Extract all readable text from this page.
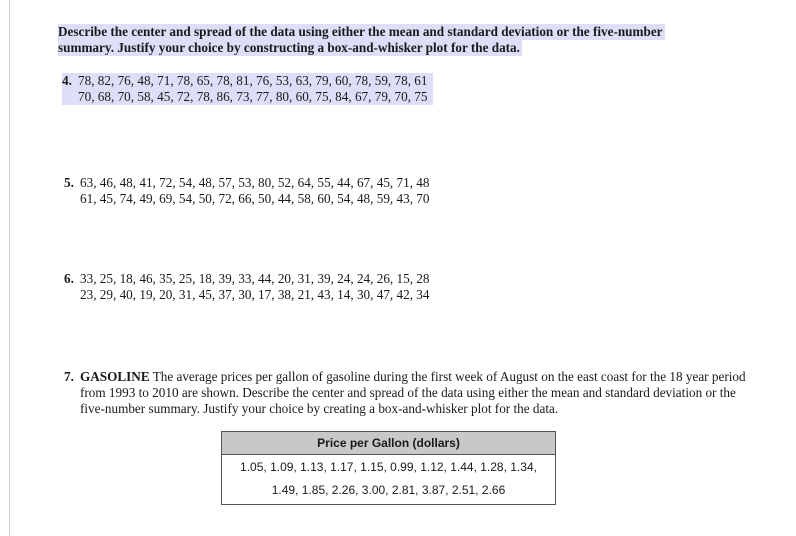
Describe the center and spread of the data using either the mean and standard deviation or the five-number
summary. Justify your choice by constructing a box-and-whisker plot for the data.
4. 78, 82, 76, 48, 71, 78, 65, 78, 81, 76, 53, 63, 79, 60, 78, 59, 78, 61
70, 68, 70, 58, 45, 72, 78, 86, 73, 77, 80, 60, 75, 84, 67, 79, 70, 75
5. 63, 46, 48, 41, 72, 54, 48, 57, 53, 80, 52, 64, 55, 44, 67, 45, 71, 48
61, 45, 74, 49, 69, 54, 50, 72, 66, 50, 44, 58, 60, 54, 48, 59, 43, 70
6. 33, 25, 18, 46, 35, 25, 18, 39, 33, 44, 20, 31, 39, 24, 24, 26, 15, 28
23, 29, 40, 19, 20, 31, 45, 37, 30, 17, 38, 21, 43, 14, 30, 47, 42, 34
7. GASOLINE The average prices per gallon of gasoline during the first week of August on the east coast for the 18 year period from 1993 to 2010 are shown. Describe the center and spread of the data using either the mean and standard deviation or the five-number summary. Justify your choice by creating a box-and-whisker plot for the data.
Price per Gallon (dollars)
1.05, 1.09, 1.13, 1.17, 1.15, 0.99, 1.12, 1.44, 1.28, 1.34,
1.49, 1.85, 2.26, 3.00, 2.81, 3.87, 2.51, 2.66
